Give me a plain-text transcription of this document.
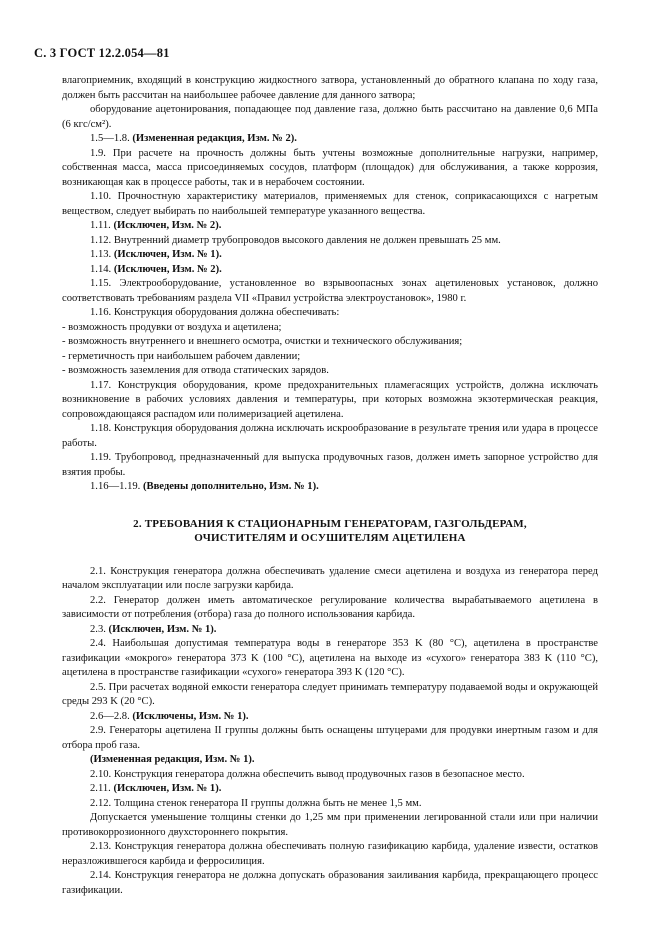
С. 3 ГОСТ 12.2.054—81

влагоприемник, входящий в конструкцию жидкостного затвора, установленный до обратного клапана по ходу газа, должен быть рассчитан на наибольшее рабочее давление для данного затвора;

оборудование ацетонирования, попадающее под давление газа, должно быть рассчитано на давление 0,6 МПа (6 кгс/см²).

1.5—1.8. (Измененная редакция, Изм. № 2).

1.9. При расчете на прочность должны быть учтены возможные дополнительные нагрузки, например, собственная масса, масса присоединяемых сосудов, платформ (площадок) для обслуживания, а также коррозия, возникающая как в процессе работы, так и в нерабочем состоянии.

1.10. Прочностную характеристику материалов, применяемых для стенок, соприкасающихся с нагретым веществом, следует выбирать по наибольшей температуре указанного вещества.

1.11. (Исключен, Изм. № 2).

1.12. Внутренний диаметр трубопроводов высокого давления не должен превышать 25 мм.

1.13. (Исключен, Изм. № 1).

1.14. (Исключен, Изм. № 2).

1.15. Электрооборудование, установленное во взрывоопасных зонах ацетиленовых установок, должно соответствовать требованиям раздела VII «Правил устройства электроустановок», 1980 г.

1.16. Конструкция оборудования должна обеспечивать:

- возможность продувки от воздуха и ацетилена;

- возможность внутреннего и внешнего осмотра, очистки и технического обслуживания;

- герметичность при наибольшем рабочем давлении;

- возможность заземления для отвода статических зарядов.

1.17. Конструкция оборудования, кроме предохранительных пламегасящих устройств, должна исключать возникновение в рабочих условиях давления и температуры, при которых возможна экзотермическая реакция, сопровождающаяся распадом или полимеризацией ацетилена.

1.18. Конструкция оборудования должна исключать искрообразование в результате трения или удара в процессе работы.

1.19. Трубопровод, предназначенный для выпуска продувочных газов, должен иметь запорное устройство для взятия пробы.

1.16—1.19. (Введены дополнительно, Изм. № 1).

2. ТРЕБОВАНИЯ К СТАЦИОНАРНЫМ ГЕНЕРАТОРАМ, ГАЗГОЛЬДЕРАМ,
ОЧИСТИТЕЛЯМ И ОСУШИТЕЛЯМ АЦЕТИЛЕНА

2.1. Конструкция генератора должна обеспечивать удаление смеси ацетилена и воздуха из генератора перед началом эксплуатации или после загрузки карбида.

2.2. Генератор должен иметь автоматическое регулирование количества вырабатываемого ацетилена в зависимости от потребления (отбора) газа до полного использования карбида.

2.3. (Исключен, Изм. № 1).

2.4. Наибольшая допустимая температура воды в генераторе 353 K (80 °C), ацетилена в пространстве газификации «мокрого» генератора 373 K (100 °C), ацетилена на выходе из «сухого» генератора 383 K (110 °C), ацетилена в пространстве газификации «сухого» генератора 393 K (120 °C).

2.5. При расчетах водяной емкости генератора следует принимать температуру подаваемой воды и окружающей среды 293 K (20 °C).

2.6—2.8. (Исключены, Изм. № 1).

2.9. Генераторы ацетилена II группы должны быть оснащены штуцерами для продувки инертным газом и для отбора проб газа.

(Измененная редакция, Изм. № 1).

2.10. Конструкция генератора должна обеспечить вывод продувочных газов в безопасное место.

2.11. (Исключен, Изм. № 1).

2.12. Толщина стенок генератора II группы должна быть не менее 1,5 мм.

Допускается уменьшение толщины стенки до 1,25 мм при применении легированной стали или при наличии противокоррозионного двухстороннего покрытия.

2.13. Конструкция генератора должна обеспечивать полную газификацию карбида, удаление извести, остатков неразложившегося карбида и ферросилиция.

2.14. Конструкция генератора не должна допускать образования заиливания карбида, прекращающего процесс газификации.
